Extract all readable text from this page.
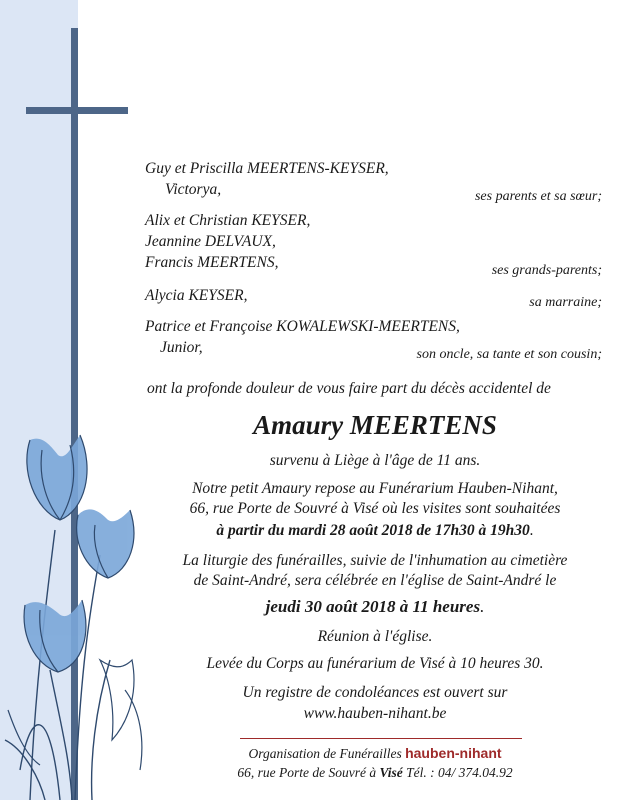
Guy et Priscilla MEERTENS-KEYSER,
Victorya,	ses parents et sa sœur;
Alix et Christian KEYSER,
Jeannine DELVAUX,
Francis MEERTENS,	ses grands-parents;
Alycia KEYSER,	sa marraine;
Patrice et Françoise KOWALEWSKI-MEERTENS,
Junior,	son oncle, sa tante et son cousin;
ont la profonde douleur de vous faire part du décès accidentel de
Amaury MEERTENS
survenu à Liège à l'âge de 11 ans.
Notre petit Amaury repose au Funérarium Hauben-Nihant,
66, rue Porte de Souvré à Visé où les visites sont souhaitées
à partir du mardi 28 août 2018 de 17h30 à 19h30.
La liturgie des funérailles, suivie de l'inhumation au cimetière
de Saint-André, sera célébrée en l'église de Saint-André le
jeudi 30 août 2018 à 11 heures.
Réunion à l'église.
Levée du Corps au funérarium de Visé à 10 heures 30.
Un registre de condoléances est ouvert sur
www.hauben-nihant.be
Organisation de Funérailles hauben-nihant
66, rue Porte de Souvré à Visé Tél. : 04/ 374.04.92
